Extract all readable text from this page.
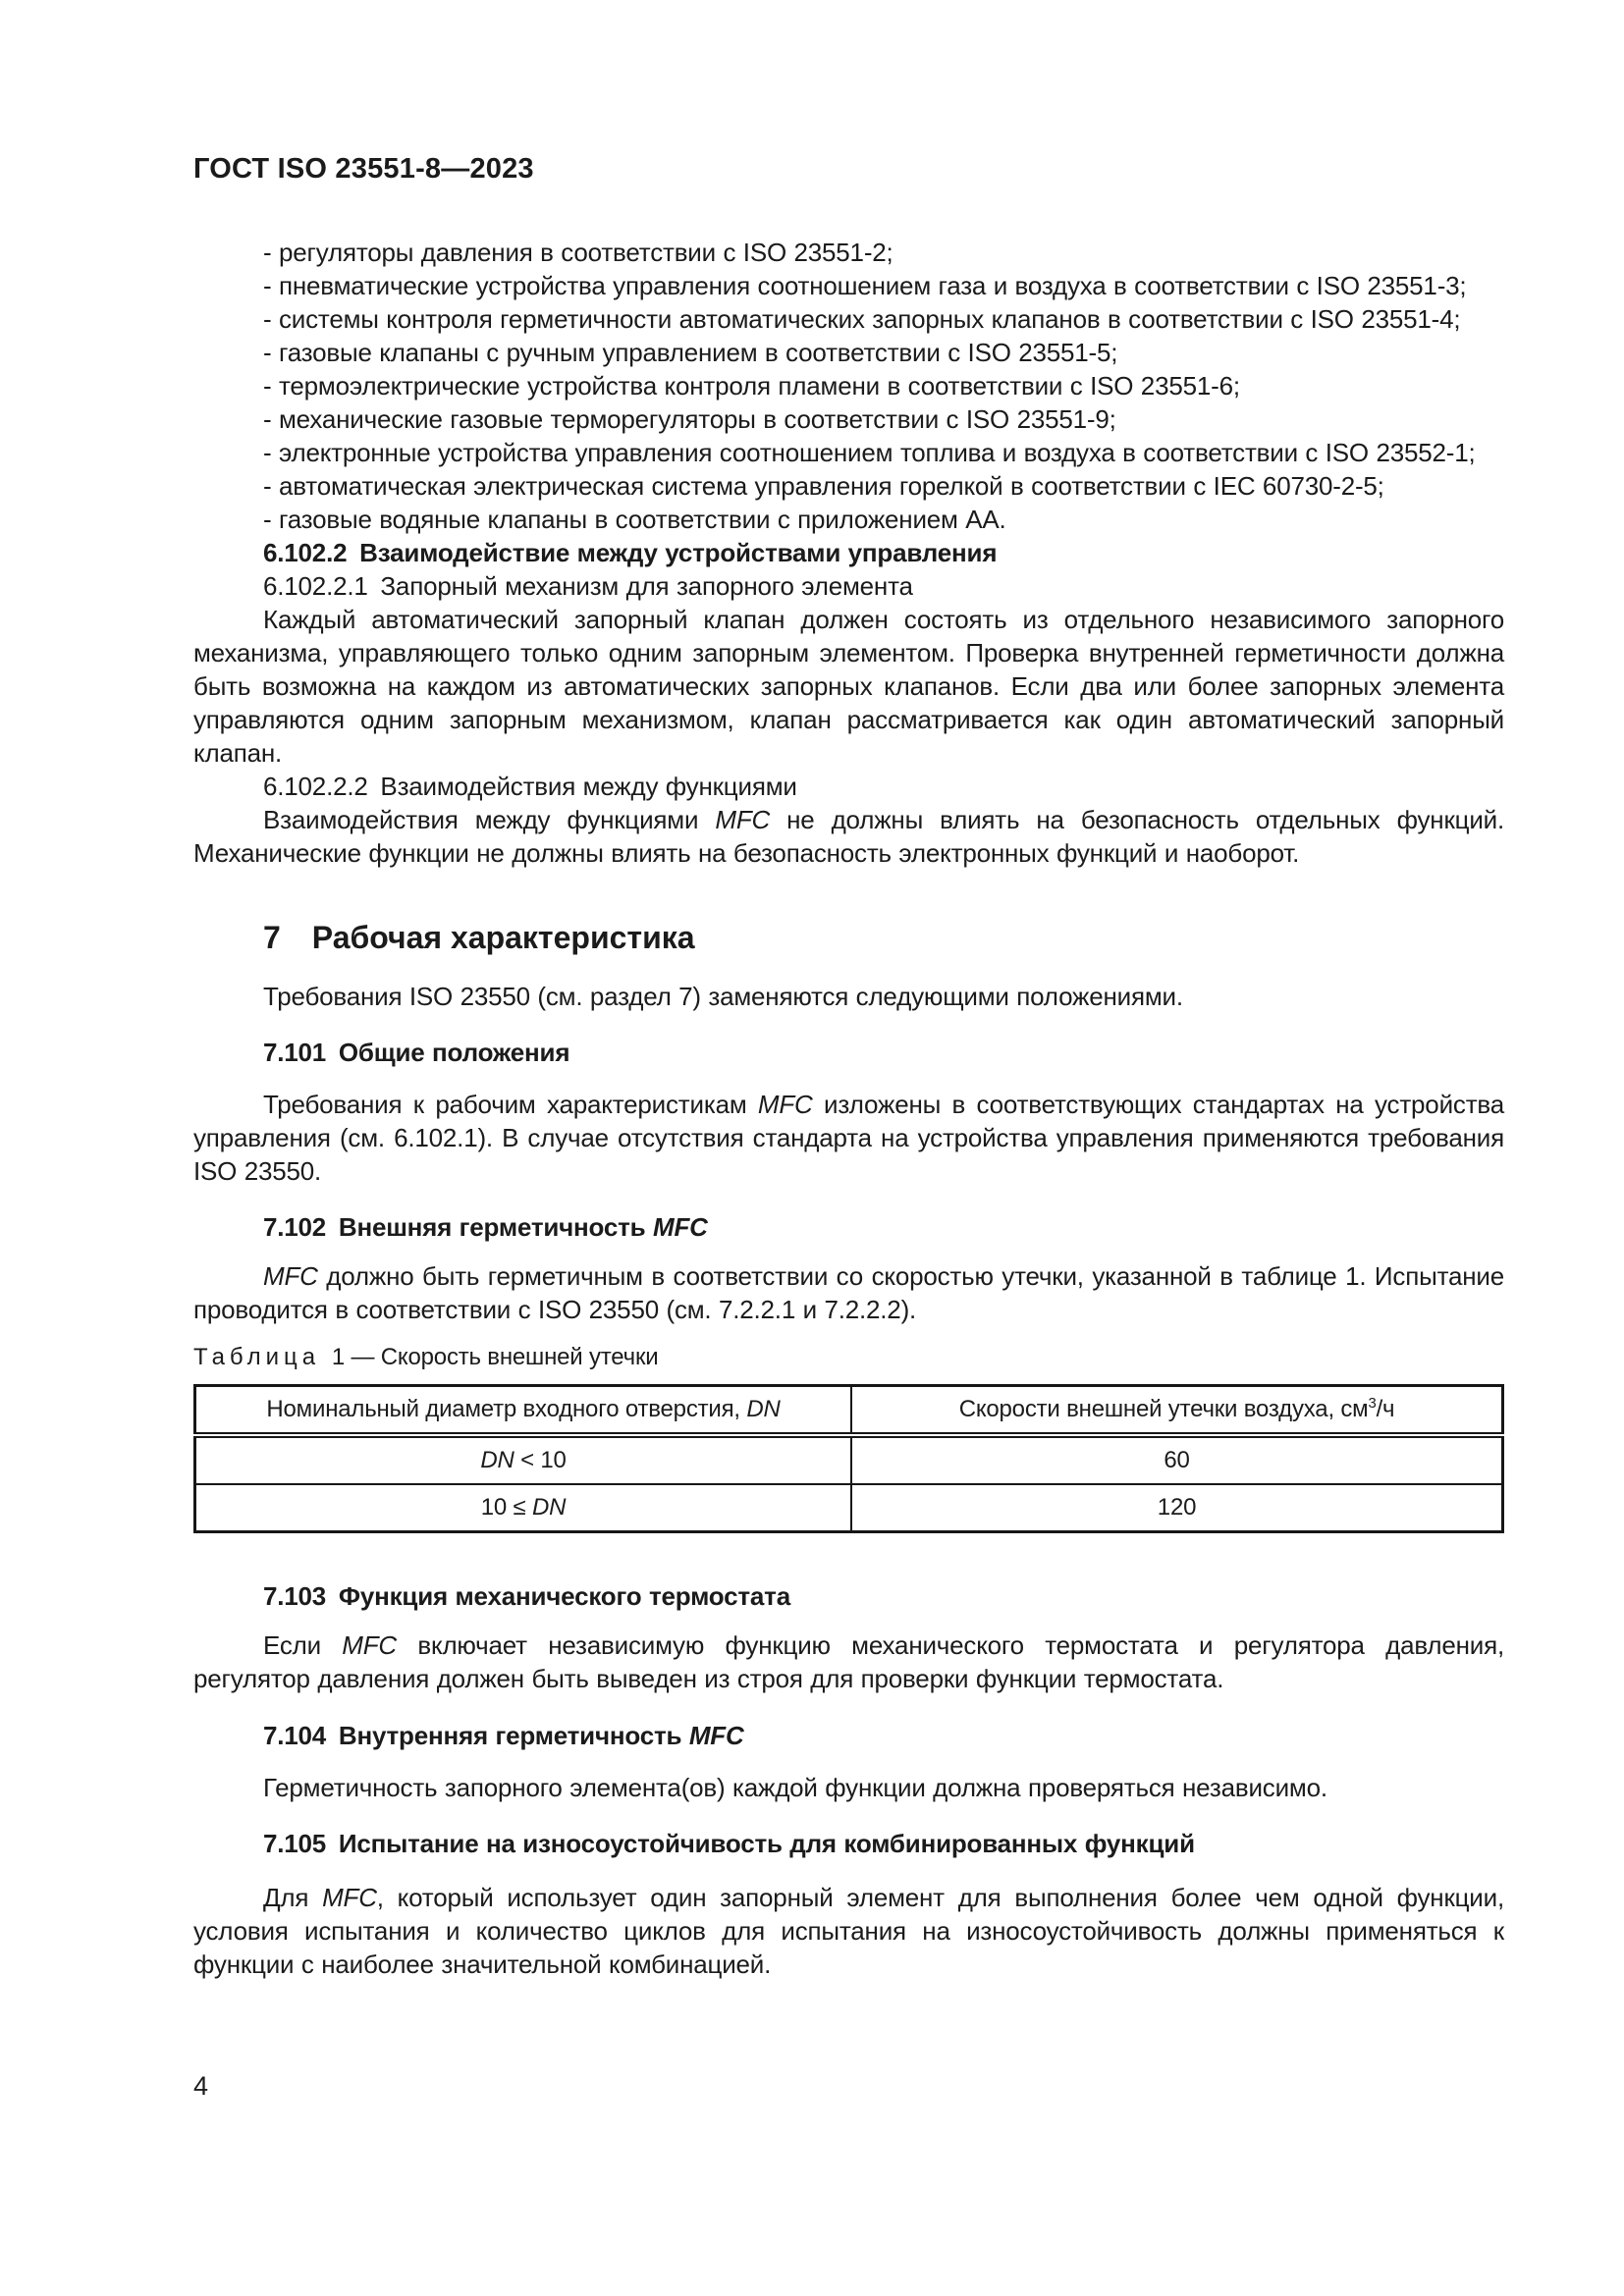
ГОСТ ISO 23551-8—2023
- регуляторы давления в соответствии с ISO 23551-2;
- пневматические устройства управления соотношением газа и воздуха в соответствии с ISO 23551-3;
- системы контроля герметичности автоматических запорных клапанов в соответствии с ISO 23551-4;
- газовые клапаны с ручным управлением в соответствии с ISO 23551-5;
- термоэлектрические устройства контроля пламени в соответствии с ISO 23551-6;
- механические газовые терморегуляторы в соответствии с ISO 23551-9;
- электронные устройства управления соотношением топлива и воздуха в соответствии с ISO 23552-1;
- автоматическая электрическая система управления горелкой в соответствии с IEC 60730-2-5;
- газовые водяные клапаны в соответствии с приложением АА.
6.102.2 Взаимодействие между устройствами управления
6.102.2.1 Запорный механизм для запорного элемента
Каждый автоматический запорный клапан должен состоять из отдельного независимого запорного механизма, управляющего только одним запорным элементом. Проверка внутренней герметичности должна быть возможна на каждом из автоматических запорных клапанов. Если два или более запорных элемента управляются одним запорным механизмом, клапан рассматривается как один автоматический запорный клапан.
6.102.2.2 Взаимодействия между функциями
Взаимодействия между функциями MFC не должны влиять на безопасность отдельных функций. Механические функции не должны влиять на безопасность электронных функций и наоборот.
7  Рабочая характеристика
Требования ISO 23550 (см. раздел 7) заменяются следующими положениями.
7.101 Общие положения
Требования к рабочим характеристикам MFC изложены в соответствующих стандартах на устройства управления (см. 6.102.1). В случае отсутствия стандарта на устройства управления применяются требования ISO 23550.
7.102 Внешняя герметичность MFC
MFC должно быть герметичным в соответствии со скоростью утечки, указанной в таблице 1. Испытание проводится в соответствии с ISO 23550 (см. 7.2.2.1 и 7.2.2.2).
Таблица 1 — Скорость внешней утечки
Номинальный диаметр входного отверстия, DN	Скорости внешней утечки воздуха, $см^3/ч$
DN < 10	60
10 ≤ DN	120
7.103 Функция механического термостата
Если MFC включает независимую функцию механического термостата и регулятора давления, регулятор давления должен быть выведен из строя для проверки функции термостата.
7.104 Внутренняя герметичность MFC
Герметичность запорного элемента(ов) каждой функции должна проверяться независимо.
7.105 Испытание на износоустойчивость для комбинированных функций
Для MFC, который использует один запорный элемент для выполнения более чем одной функции, условия испытания и количество циклов для испытания на износоустойчивость должны применяться к функции с наиболее значительной комбинацией.
4
